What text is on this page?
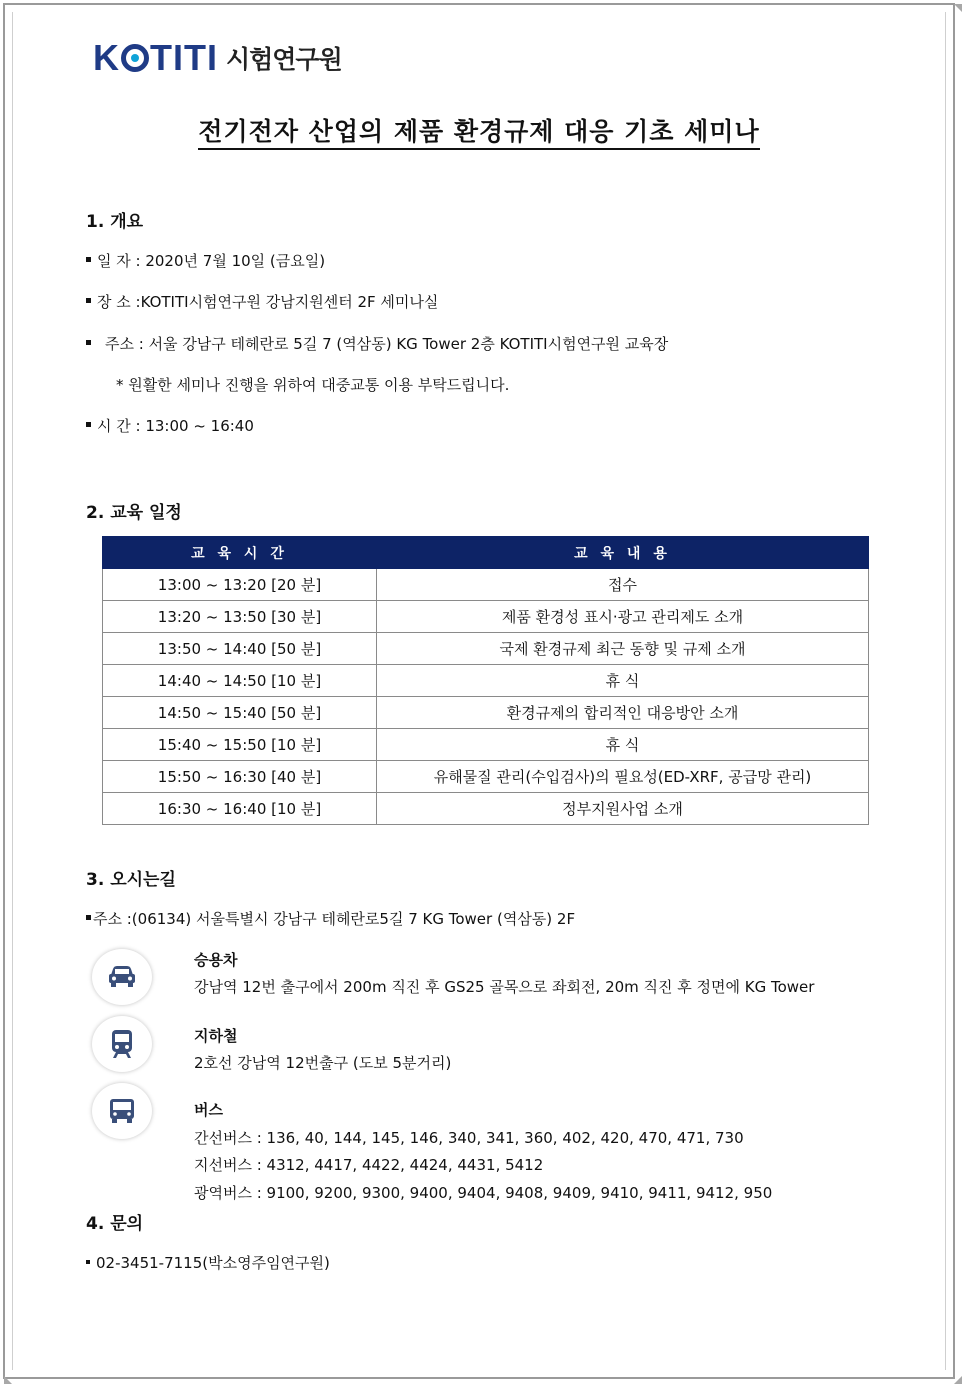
K TITI 시험연구원
전기전자 산업의 제품 환경규제 대응 기초 세미나
1. 개요
일 자 : 2020년 7월 10일 (금요일)
장 소 :KOTITI시험연구원 강남지원센터 2F 세미나실
주소 : 서울 강남구 테헤란로 5길 7 (역삼동) KG Tower 2층 KOTITI시험연구원 교육장
* 원활한 세미나 진행을 위하여 대중교통 이용 부탁드립니다.
시 간 : 13:00 ~ 16:40
2. 교육 일정
교 육 시 간	교 육 내 용
13:00 ~ 13:20 [20 분]	접수
13:20 ~ 13:50 [30 분]	제품 환경성 표시·광고 관리제도 소개
13:50 ~ 14:40 [50 분]	국제 환경규제 최근 동향 및 규제 소개
14:40 ~ 14:50 [10 분]	휴 식
14:50 ~ 15:40 [50 분]	환경규제의 합리적인 대응방안 소개
15:40 ~ 15:50 [10 분]	휴 식
15:50 ~ 16:30 [40 분]	유해물질 관리(수입검사)의 필요성(ED-XRF, 공급망 관리)
16:30 ~ 16:40 [10 분]	정부지원사업 소개
3. 오시는길
주소 :(06134) 서울특별시 강남구 테헤란로5길 7 KG Tower (역삼동) 2F
승용차
강남역 12번 출구에서 200m 직진 후 GS25 골목으로 좌회전, 20m 직진 후 정면에 KG Tower
지하철
2호선 강남역 12번출구 (도보 5분거리)
버스
간선버스 : 136, 40, 144, 145, 146, 340, 341, 360, 402, 420, 470, 471, 730
지선버스 : 4312, 4417, 4422, 4424, 4431, 5412
광역버스 : 9100, 9200, 9300, 9400, 9404, 9408, 9409, 9410, 9411, 9412, 950
4. 문의
02-3451-7115(박소영주임연구원)
